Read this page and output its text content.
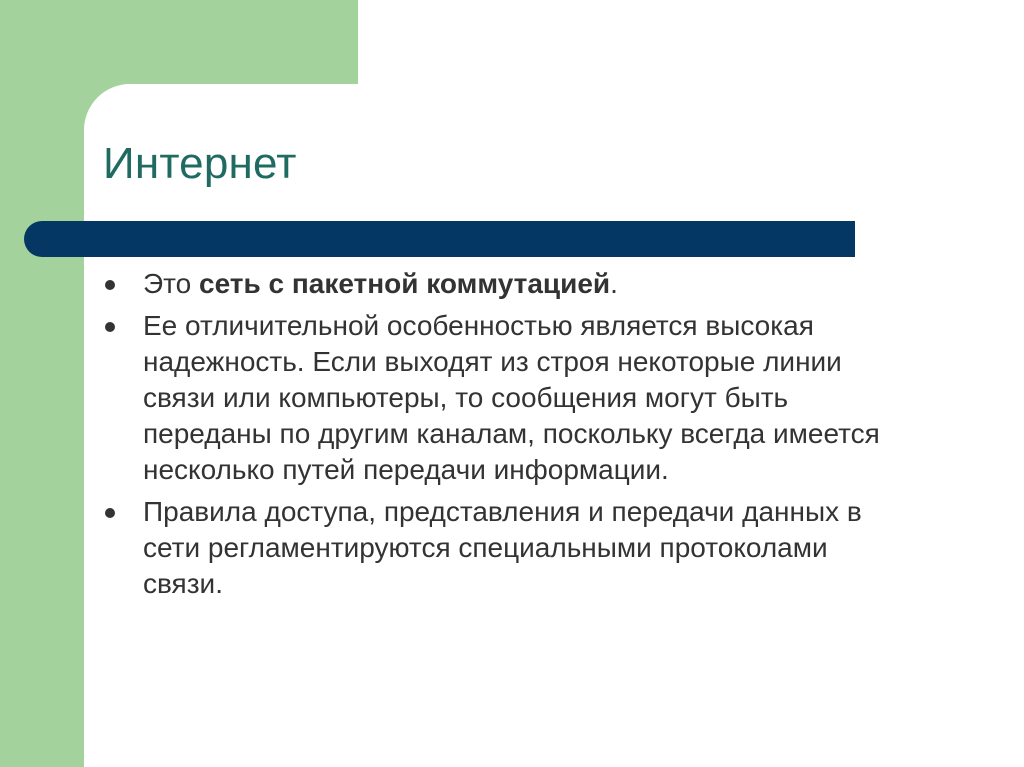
Интернет
Это сеть с пакетной коммутацией.
Ее отличительной особенностью является высокая надежность. Если выходят из строя некоторые линии связи или компьютеры, то сообщения могут быть переданы по другим каналам, поскольку всегда имеется несколько путей передачи информации.
Правила доступа, представления и передачи данных в сети регламентируются специальными протоколами связи.
